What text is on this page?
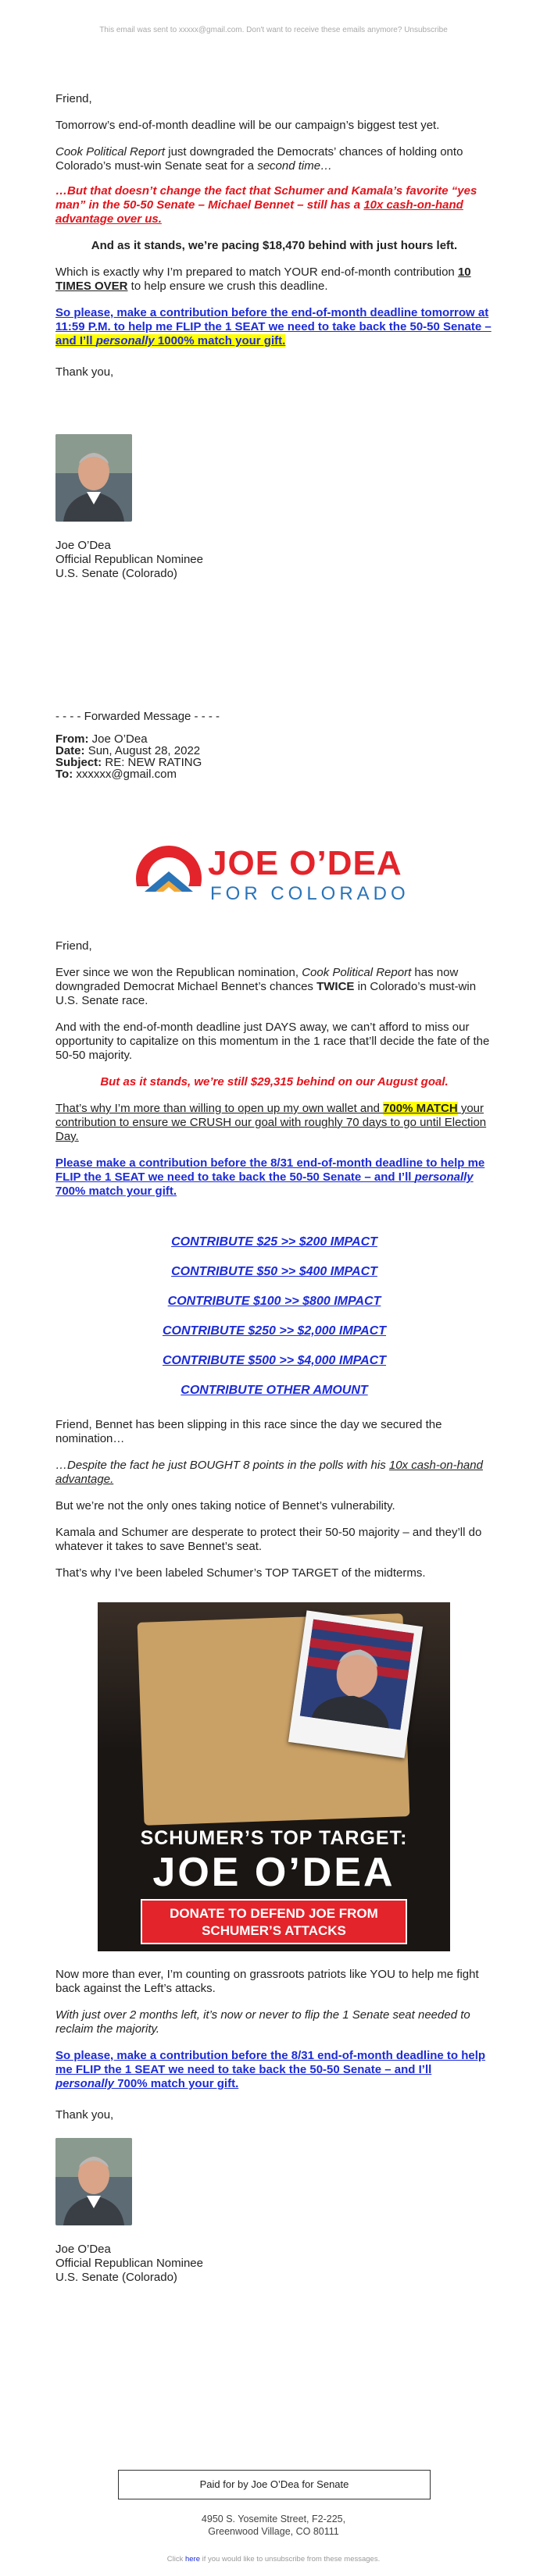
This email was sent to xxxxx@gmail.com. Don't want to receive these emails anymore? Unsubscribe

Friend,

Tomorrow’s end-of-month deadline will be our campaign’s biggest test yet.

Cook Political Report just downgraded the Democrats’ chances of holding onto Colorado’s must-win Senate seat for a second time…

…But that doesn’t change the fact that Schumer and Kamala’s favorite “yes man” in the 50-50 Senate – Michael Bennet – still has a 10x cash-on-hand advantage over us.

And as it stands, we’re pacing $18,470 behind with just hours left.

Which is exactly why I’m prepared to match YOUR end-of-month contribution 10 TIMES OVER to help ensure we crush this deadline.

So please, make a contribution before the end-of-month deadline tomorrow at 11:59 P.M. to help me FLIP the 1 SEAT we need to take back the 50-50 Senate – and I’ll personally 1000% match your gift.

Thank you,

Joe O’Dea

Official Republican Nominee

U.S. Senate (Colorado)

- - - - Forwarded Message - - - -

From: Joe O’Dea

Date: Sun, August 28, 2022

Subject: RE: NEW RATING

To: xxxxxx@gmail.com

JOE O’DEA
FOR COLORADO

Friend,

Ever since we won the Republican nomination, Cook Political Report has now downgraded Democrat Michael Bennet’s chances TWICE in Colorado’s must-win U.S. Senate race.

And with the end-of-month deadline just DAYS away, we can’t afford to miss our opportunity to capitalize on this momentum in the 1 race that’ll decide the fate of the 50-50 majority.

But as it stands, we’re still $29,315 behind on our August goal.

That’s why I’m more than willing to open up my own wallet and 700% MATCH your contribution to ensure we CRUSH our goal with roughly 70 days to go until Election Day.

Please make a contribution before the 8/31 end-of-month deadline to help me FLIP the 1 SEAT we need to take back the 50-50 Senate – and I’ll personally 700% match your gift.

CONTRIBUTE $25 >> $200 IMPACT
CONTRIBUTE $50 >> $400 IMPACT
CONTRIBUTE $100 >> $800 IMPACT
CONTRIBUTE $250 >> $2,000 IMPACT
CONTRIBUTE $500 >> $4,000 IMPACT
CONTRIBUTE OTHER AMOUNT

Friend, Bennet has been slipping in this race since the day we secured the nomination…

…Despite the fact he just BOUGHT 8 points in the polls with his 10x cash-on-hand advantage.

But we’re not the only ones taking notice of Bennet’s vulnerability.

Kamala and Schumer are desperate to protect their 50-50 majority – and they’ll do whatever it takes to save Bennet’s seat.

That’s why I’ve been labeled Schumer’s TOP TARGET of the midterms.

SCHUMER’S TOP TARGET:
JOE O’DEA
DONATE TO DEFEND JOE FROM SCHUMER’S ATTACKS

Now more than ever, I’m counting on grassroots patriots like YOU to help me fight back against the Left’s attacks.

With just over 2 months left, it’s now or never to flip the 1 Senate seat needed to reclaim the majority.

So please, make a contribution before the 8/31 end-of-month deadline to help me FLIP the 1 SEAT we need to take back the 50-50 Senate – and I’ll personally 700% match your gift.

Thank you,

Joe O’Dea

Official Republican Nominee

U.S. Senate (Colorado)

Paid for by Joe O’Dea for Senate
4950 S. Yosemite Street, F2-225,
Greenwood Village, CO 80111
Click here if you would like to unsubscribe from these messages.
